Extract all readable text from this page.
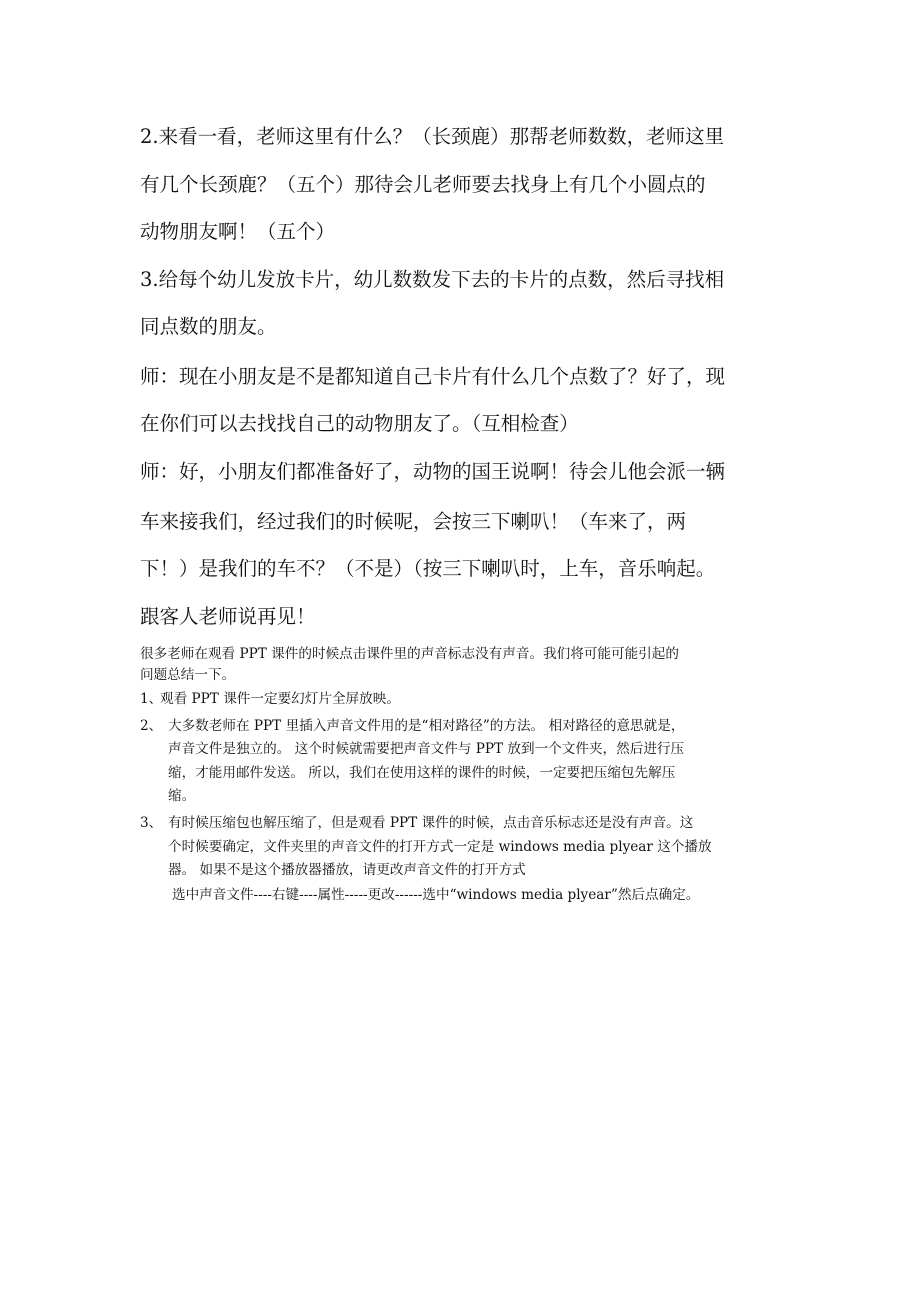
2.来看一看，老师这里有什么？（长颈鹿）那帮老师数数，老师这里
有几个长颈鹿？（五个）那待会儿老师要去找身上有几个小圆点的
动物朋友啊！（五个）
3.给每个幼儿发放卡片，幼儿数数发下去的卡片的点数，然后寻找相
同点数的朋友。
师：现在小朋友是不是都知道自己卡片有什么几个点数了？好了，现
在你们可以去找找自己的动物朋友了。（互相检查）
师：好，小朋友们都准备好了，动物的国王说啊！待会儿他会派一辆
车来接我们，经过我们的时候呢，会按三下喇叭！（车来了，两
下！）是我们的车不？（不是）（按三下喇叭时，上车，音乐响起。
跟客人老师说再见！
很多老师在观看 PPT 课件的时候点击课件里的声音标志没有声音。我们将可能可能引起的
问题总结一下。
1、
观看 PPT 课件一定要幻灯片全屏放映。
2、 大多数老师在 PPT 里插入声音文件用的是“相对路径”的方法。 相对路径的意思就是，
声音文件是独立的。 这个时候就需要把声音文件与 PPT 放到一个文件夹，然后进行压
缩，才能用邮件发送。 所以，我们在使用这样的课件的时候，一定要把压缩包先解压
缩。
3、 有时候压缩包也解压缩了，但是观看 PPT 课件的时候，点击音乐标志还是没有声音。这
个时候要确定，文件夹里的声音文件的打开方式一定是 windows media plyear 这个播放
器。 如果不是这个播放器播放，请更改声音文件的打开方式
选中声音文件----右键----属性-----更改------选中“windows media plyear”然后点确定。
